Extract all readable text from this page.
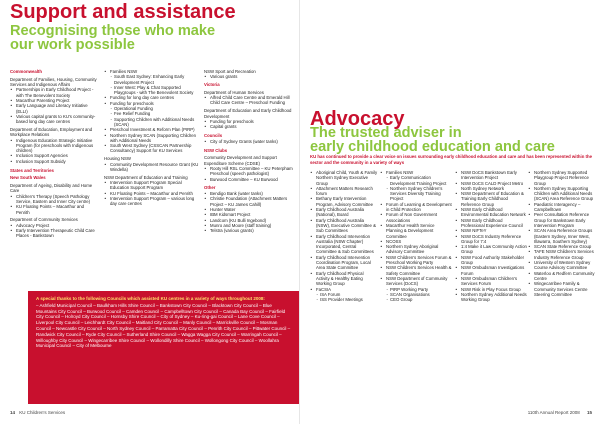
Support and assistance
Recognising those who make
our work possible
Commonwealth
Department of Families, Housing, Community Services and Indigenous Affairs
• Partnerships in Early Childhood Project - with The Benevolent Society
• Macarthur Parenting Project
• Early Language and Literacy Initiative (ELLI)
• Various capital grants to KU's community-based long day care centres
Department of Education, Employment and Workplace Relations
• Indigenous Education Strategic Initiative Program (for preschools with Indigenous children)
• Inclusion Support Agencies
• Inclusion Support Subsidy
States and Territories
New South Wales
Department of Ageing, Disability and Home Care
• Children's Therapy (Speech Pathology Service, Eastern and Inner City centre)
• KU Floating Points – Macarthur and Penrith
Department of Community Services
• Advocacy Project
• Early Intervention Therapeutic Child Care Places - Bankstown
• Families NSW
- South East Sydney: Enhancing Early Development Project
- Inner West: Play & Chat Supported Playgroups - with The Benevolent Society
• Funding for long day care centres
• Funding for preschools
- Operational Funding
- Fee Relief Funding
- Supporting Children with Additional Needs (SCAN)
• Preschool Investment & Reform Plan (PIRP)
• Northern Sydney SCAN (Supporting Children with Additional Needs
• South West Sydney (CSSCAN Partnership Consultancy) Support for KU Services
Housing NSW
• Community Development Resource Grant (KU Windella)
NSW Department of Education and Training
• Intervention Support Program Special Education Support Program
• KU Floating Points – Macarthur and Penrith
• Intervention Support Program – various long day care centres
NSW Sport and Recreation
• Various grants
Victoria
Department of Human Services
• Alfred Child Care Centre and Emerald Hill Child Care Centre – Preschool Funding
Department of Education and Early Childhood Development
• Funding for preschools
• Capital grants
Councils
• City of Sydney Grants (water tanks)
NSW Clubs
Community Development and Support Expenditure Scheme (CDSE)
• Rooty Hill RSL Committee – KU Peterpham Preschool (speech pathologist)
• Burwood Committee – KU Burwood
Other
• Bendigo Bank (water tanks)
• Christie Foundation (Attachment Matters Project – KU James Cahill)
• Hunter Water
• IBM Kidsmart Project
• Landcom (KU Bulli Ingebond)
• Munro and Moore (staff training)
• Telstra (various grants)
A special thanks to the following Councils which assisted KU centres in a variety of ways throughout 2008:
– Ashfield Municipal Council – Baulkham Hills Shire Council – Bankstown City Council – Blacktown City Council – Blue Mountains City Council – Burwood Council – Camden Council – Campbelltown City Council – Canada Bay Council – Fairfield City Council – Holroyd City Council – Hornsby Shire Council – City of Sydney – Ku-ring-gai Council – Lane Cove Council – Liverpool City Council – Leichhardt City Council – Maitland City Council – Manly Council – Marrickville Council – Mosman Council – Newcastle City Council – North Sydney Council – Parramatta City Council – Penrith City Council – Pittwater Council – Randwick City Council – Ryde City Council – Sutherland Shire Council – Wagga Wagga City Council – Warringah Council – Willoughby City Council – Wingecarribee Shire Council – Wollondilly Shire Council – Wollongong City Council – Woollahra Municipal Council – City of Melbourne
14 KU Children's Services
Advocacy
The trusted adviser in
early childhood education and care
KU has continued to provide a clear voice on issues surrounding early childhood education and care and has been represented within the sector and the community in a variety of ways
• Aboriginal Child, Youth & Family Northern Sydney Executive Group
• Attachment Matters Research forum
• Bethany Early Intervention Program, Advisory Committee
• Early Childhood Australia (National), Board
• Early Childhood Australia (NSW), Executive Committee & Sub Committees
• Early Childhood Intervention Australia (NSW Chapter) Incorporated, Central Committee & Sub Committees
• Early Childhood Intervention Coordination Program, Local Area State Committee
• Early Childhood Physical Activity & Healthy Eating Working Group
• FaCSIA
- ISA Forum
- ISS Provider Meetings
• Families NSW
- Early Communication Development Training Project
- Northern Sydney Children's Services Diversity Training Project
• Forum of Learning & Development in Child Protection
• Forum of Non Government Associations
• Macarthur Health Service Planning & Development Committee
• NCOSS
• Northern Sydney Aboriginal Advisory Committee
• NSW Children's Services Forum & Preschool Working Party
• NSW Children's Services Health & Safety Committee
• NSW Department of Community Services (DoCS)
- PIRP Working Party
- SCAN Organisations
- CEO Group
• NSW DoCS Bankstown Early Intervention Project
• NSW DoCS CALD Project Metro North Sydney Network
• NSW Department of Education & Training Early Childhood Reference Group
• NSW Early Childhood Environmental Education Network
• NSW Early Childhood Professional Experience Council
• NSW NIFTeY
• NSW DoCS Industry Reference Group for 7:4
• 1:4 Make it Law Community Action Group
• NSW Food Authority Stakeholder Group
• NSW Ombudsman Investigations Forum
• NSW Ombudsman Children's Services Forum
• NSW Risk in Play Focus Group
• Northern Sydney Additional Needs Working Group
• Northern Sydney Supported Playgroup Project Reference Group
• Northern Sydney Supporting Children with Additional Needs (SCAN) Area Reference Group
• Paediatric Interagency – Campbelltown
• Peer Consultation Reference Group for Bankstown Early Intervention Program
• SCAN Area Reference Groups (Eastern Sydney, Inner West, Illawarra, Southern Sydney)
• SCAN State Reference Group
• TAFE NSW Children's Services Industry Reference Group
• University of Western Sydney Course Advisory Committee
• Waterloo & Redfern Community Centre
• Wingecarribee Family & Community Services Centre Steering Committee
110th Annual Report 2008 15
